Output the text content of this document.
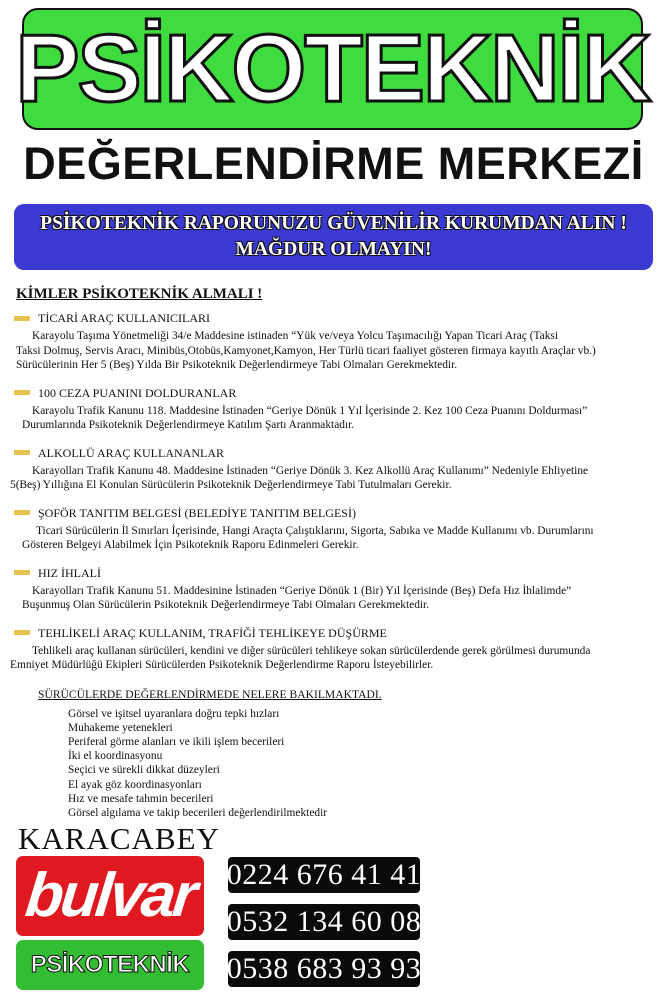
PSİKOTEKNİK
DEĞERLENDİRME MERKEZİ
PSİKOTEKNİK RAPORUNUZU GÜVENİLİR KURUMDAN ALIN !
MAĞDUR OLMAYIN!
KİMLER PSİKOTEKNİK ALMALI !
TİCARİ ARAÇ KULLANICILARI
Karayolu Taşıma Yönetmeliği 34/e Maddesine istinaden “Yük ve/veya Yolcu Taşımacılığı Yapan Ticari Araç (Taksi
Taksi Dolmuş, Servis Aracı, Minibüs,Otobüs,Kamyonet,Kamyon, Her Türlü ticari faaliyet gösteren firmaya kayıtlı Araçlar vb.)
Sürücülerinin Her 5 (Beş) Yılda Bir Psikoteknik Değerlendirmeye Tabi Olmaları Gerekmektedir.
100 CEZA PUANINI DOLDURANLAR
Karayolu Trafik Kanunu 118. Maddesine İstinaden “Geriye Dönük 1 Yıl İçerisinde 2. Kez 100 Ceza Puanını Doldurması”
Durumlarında Psikoteknik Değerlendirmeye Katılım Şartı Aranmaktadır.
ALKOLLÜ ARAÇ KULLANANLAR
Karayolları Trafik Kanunu 48. Maddesine İstinaden “Geriye Dönük 3. Kez Alkollü Araç Kullanımı” Nedeniyle Ehliyetine
5(Beş) Yıllığına El Konulan Sürücülerin Psikoteknik Değerlendirmeye Tabi Tutulmaları Gerekir.
ŞOFÖR TANITIM BELGESİ (BELEDİYE TANITIM BELGESİ)
Ticari Sürücülerin İl Sınırları İçerisinde, Hangi Araçta Çalıştıklarını, Sigorta, Sabıka ve Madde Kullanımı vb. Durumlarını
Gösteren Belgeyi Alabilmek İçin Psikoteknik Raporu Edinmeleri Gerekir.
HIZ İHLALİ
Karayolları Trafik Kanunu 51. Maddesinine İstinaden “Geriye Dönük 1 (Bir) Yıl İçerisinde (Beş) Defa Hız İhlalimde”
Buşunmuş Olan Sürücülerin Psikoteknik Değerlendirmeye Tabi Olmaları Gerekmektedir.
TEHLİKELİ ARAÇ KULLANIM, TRAFİĞİ TEHLİKEYE DÜŞÜRME
Tehlikeli araç kullanan sürücüleri, kendini ve diğer sürücüleri tehlikeye sokan sürücülerdende gerek görülmesi durumunda
Emniyet Müdürlüğü Ekipleri Sürücülerden Psikoteknik Değerlendirme Raporu İsteyebilirler.
SÜRÜCÜLERDE DEĞERLENDİRMEDE NELERE BAKILMAKTADI.
Görsel ve işitsel uyaranlara doğru tepki hızları
Muhakeme yetenekleri
Periferal görme alanları ve ikili işlem becerileri
İki el koordinasyonu
Seçici ve sürekli dikkat düzeyleri
El ayak göz koordinasyonları
Hız ve mesafe tahmin becerileri
Görsel algılama ve takip becerileri değerlendirilmektedir
KARACABEY
bulvar
PSİKOTEKNİK
0224 676 41 41
0532 134 60 08
0538 683 93 93
